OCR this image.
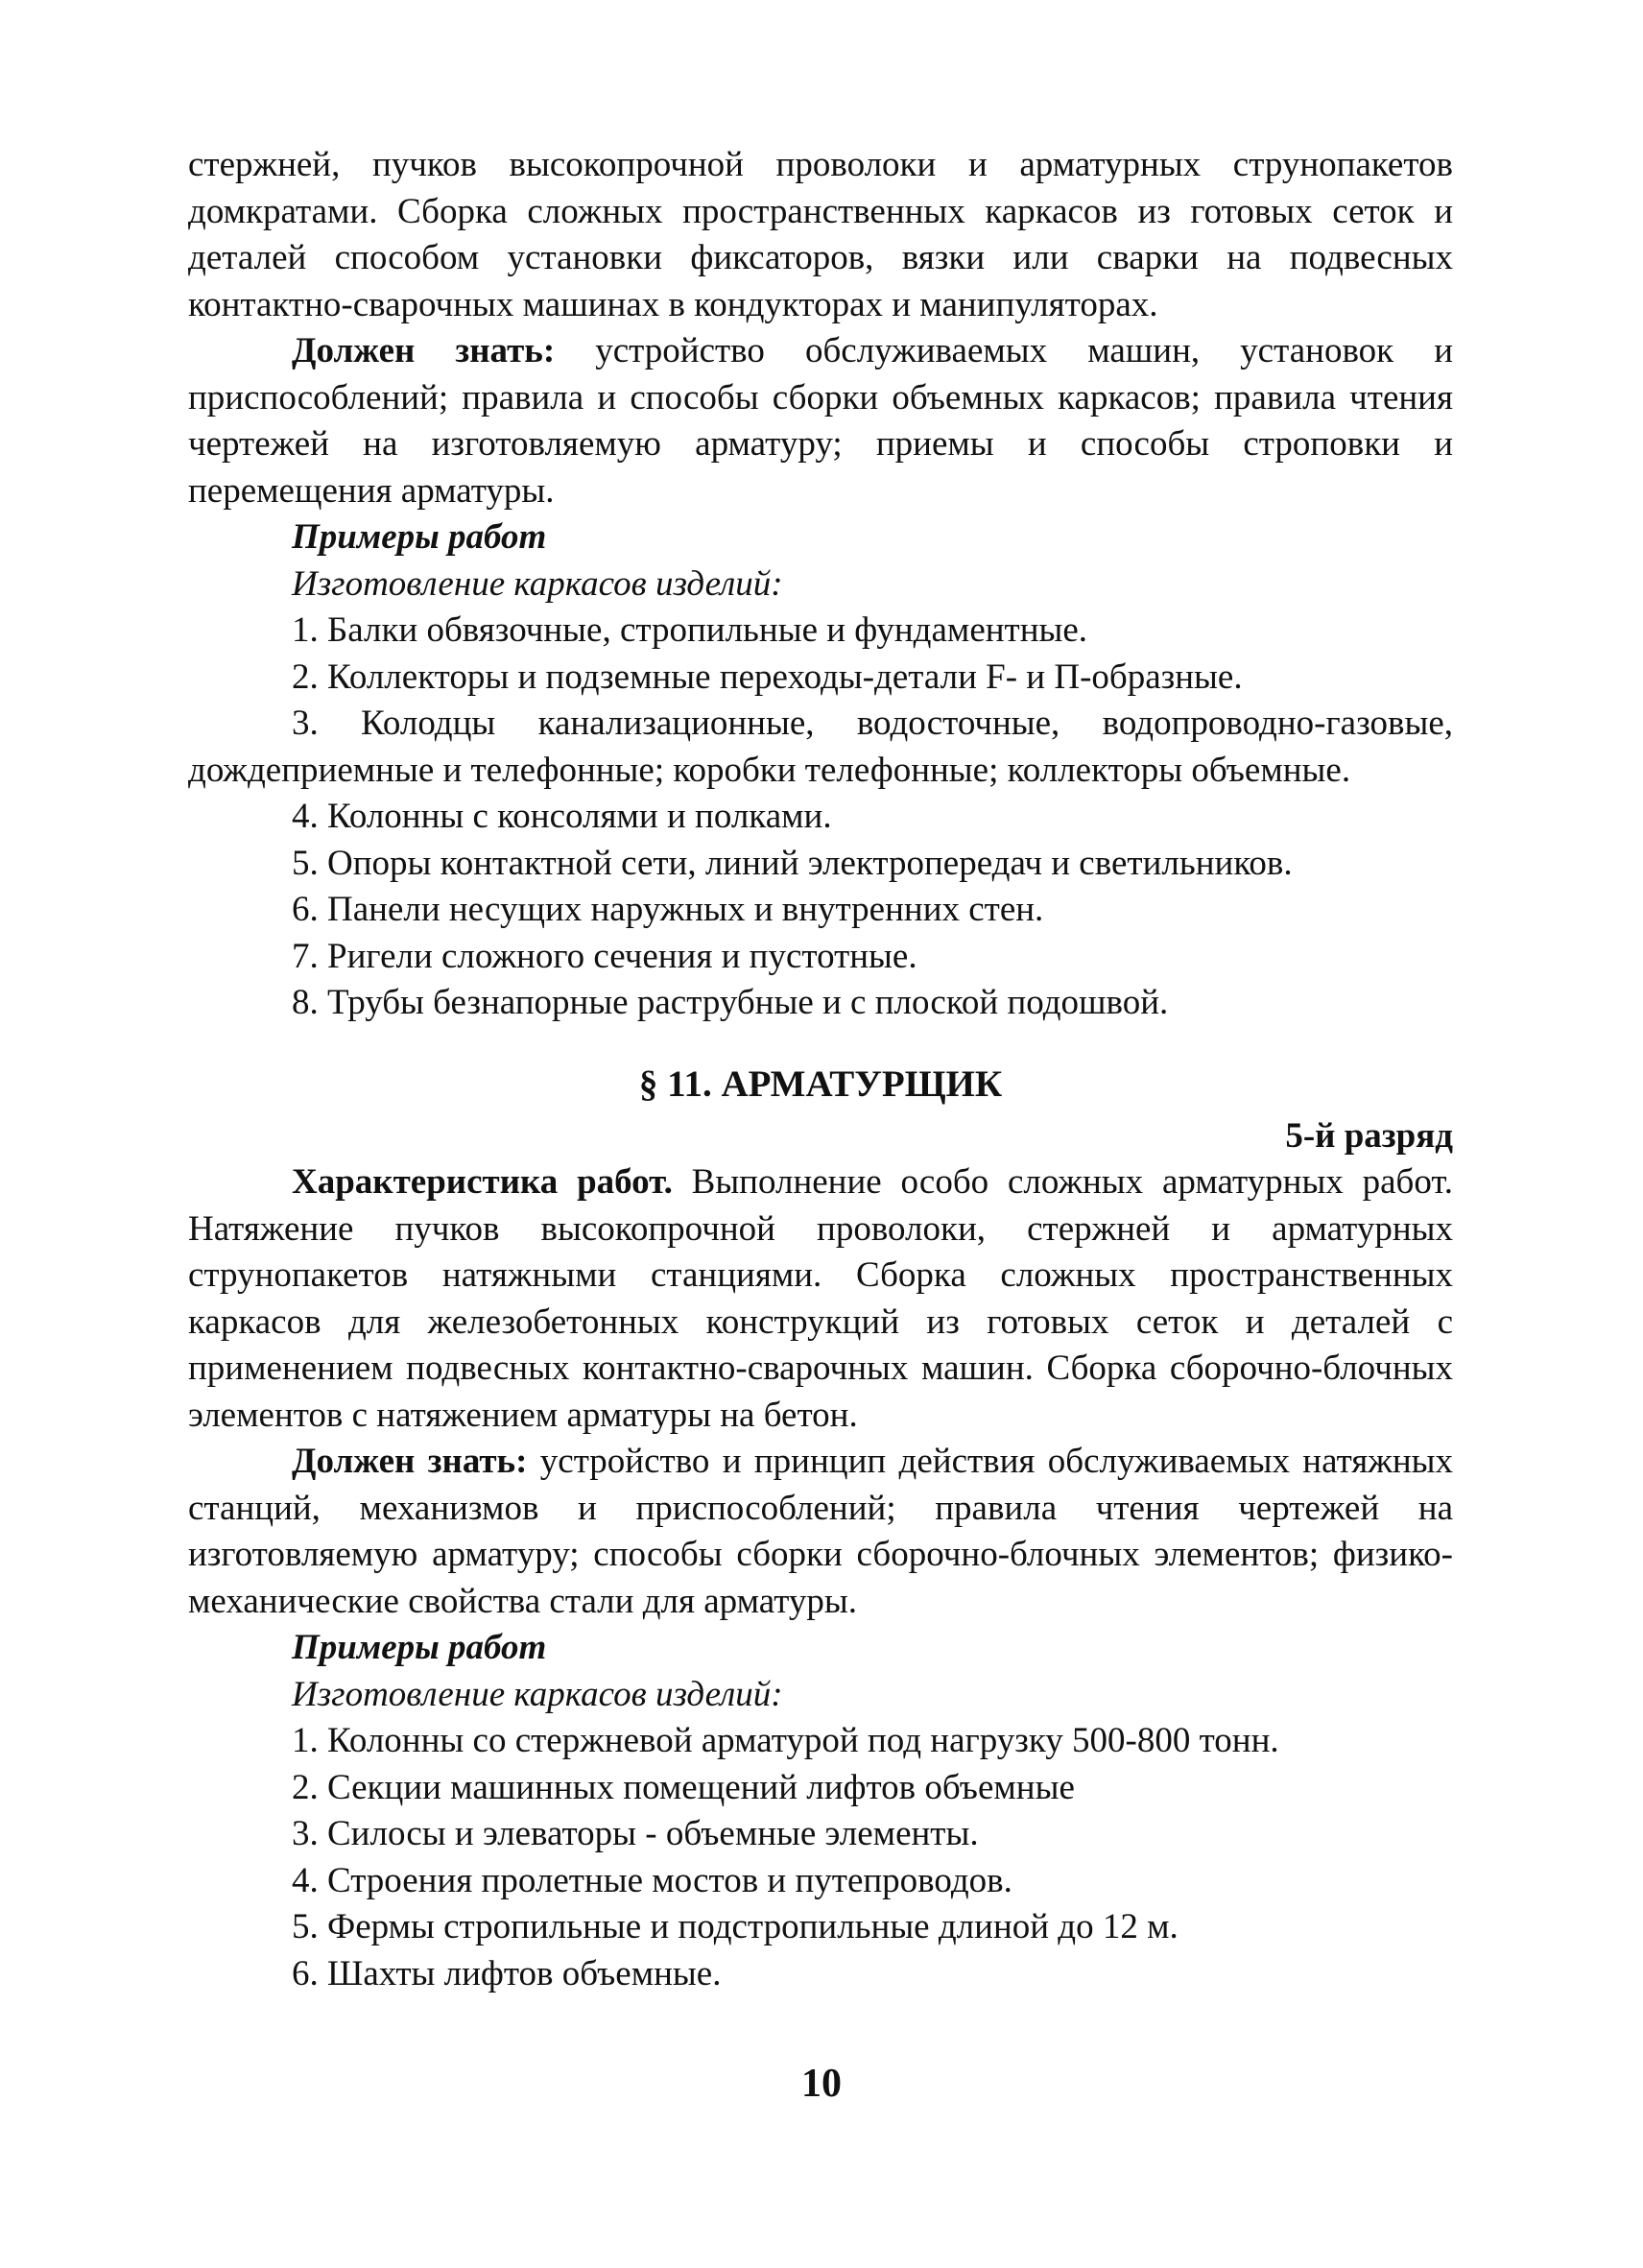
стержней, пучков высокопрочной проволоки и арматурных струнопакетов домкратами. Сборка сложных пространственных каркасов из готовых сеток и деталей способом установки фиксаторов, вязки или сварки на подвесных контактно-сварочных машинах в кондукторах и манипуляторах.

Должен знать: устройство обслуживаемых машин, установок и приспособлений; правила и способы сборки объемных каркасов; правила чтения чертежей на изготовляемую арматуру; приемы и способы строповки и перемещения арматуры.

Примеры работ

Изготовление каркасов изделий:

1. Балки обвязочные, стропильные и фундаментные.

2. Коллекторы и подземные переходы-детали F- и П-образные.

3. Колодцы канализационные, водосточные, водопроводно-газовые, дождеприемные и телефонные; коробки телефонные; коллекторы объемные.

4. Колонны с консолями и полками.

5. Опоры контактной сети, линий электропередач и светильников.

6. Панели несущих наружных и внутренних стен.

7. Ригели сложного сечения и пустотные.

8. Трубы безнапорные раструбные и с плоской подошвой.

§ 11. АРМАТУРЩИК

5-й разряд

Характеристика работ. Выполнение особо сложных арматурных работ. Натяжение пучков высокопрочной проволоки, стержней и арматурных струнопакетов натяжными станциями. Сборка сложных пространственных каркасов для железобетонных конструкций из готовых сеток и деталей с применением подвесных контактно-сварочных машин. Сборка сборочно-блочных элементов с натяжением арматуры на бетон.

Должен знать: устройство и принцип действия обслуживаемых натяжных станций, механизмов и приспособлений; правила чтения чертежей на изготовляемую арматуру; способы сборки сборочно-блочных элементов; физико-механические свойства стали для арматуры.

Примеры работ

Изготовление каркасов изделий:

1. Колонны со стержневой арматурой под нагрузку 500-800 тонн.

2. Секции машинных помещений лифтов объемные

3. Силосы и элеваторы - объемные элементы.

4. Строения пролетные мостов и путепроводов.

5. Фермы стропильные и подстропильные длиной до 12 м.

6. Шахты лифтов объемные.

10
